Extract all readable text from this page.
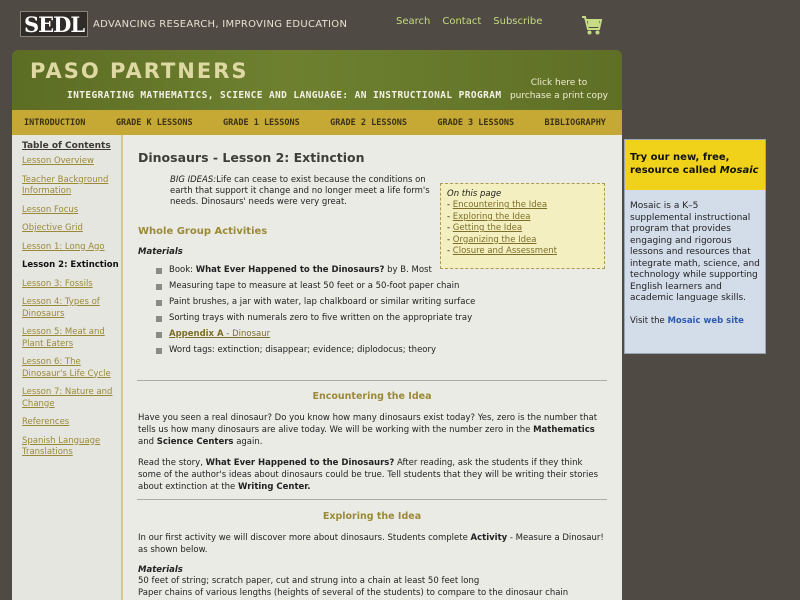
SEDL ADVANCING RESEARCH, IMPROVING EDUCATION	Search Contact Subscribe
PASO PARTNERS
INTEGRATING MATHEMATICS, SCIENCE AND LANGUAGE: AN INSTRUCTIONAL PROGRAM
Click here to
purchase a print copy
INTRODUCTION	GRADE K LESSONS	GRADE 1 LESSONS	GRADE 2 LESSONS	GRADE 3 LESSONS	BIBLIOGRAPHY
Table of Contents
Lesson Overview
Teacher Background Information
Lesson Focus
Objective Grid
Lesson 1: Long Ago
Lesson 2: Extinction
Lesson 3: Fossils
Lesson 4: Types of Dinosaurs
Lesson 5: Meat and Plant Eaters
Lesson 6: The Dinosaur's Life Cycle
Lesson 7: Nature and Change
References
Spanish Language Translations
Dinosaurs - Lesson 2: Extinction
BIG IDEAS:Life can cease to exist because the conditions on earth that support it change and no longer meet a life form's needs. Dinosaurs' needs were very great.
On this page
- Encountering the Idea
- Exploring the Idea
- Getting the Idea
- Organizing the Idea
- Closure and Assessment
Whole Group Activities
Materials
Book: What Ever Happened to the Dinosaurs? by B. Most
Measuring tape to measure at least 50 feet or a 50-foot paper chain
Paint brushes, a jar with water, lap chalkboard or similar writing surface
Sorting trays with numerals zero to five written on the appropriate tray
Appendix A - Dinosaur
Word tags: extinction; disappear; evidence; diplodocus; theory
Encountering the Idea
Have you seen a real dinosaur? Do you know how many dinosaurs exist today? Yes, zero is the number that tells us how many dinosaurs are alive today. We will be working with the number zero in the Mathematics and Science Centers again.
Read the story, What Ever Happened to the Dinosaurs? After reading, ask the students if they think some of the author's ideas about dinosaurs could be true. Tell students that they will be writing their stories about extinction at the Writing Center.
Exploring the Idea
In our first activity we will discover more about dinosaurs. Students complete Activity - Measure a Dinosaur! as shown below.
Materials
50 feet of string; scratch paper, cut and strung into a chain at least 50 feet long
Paper chains of various lengths (heights of several of the students) to compare to the dinosaur chain
Try our new, free, resource called Mosaic
Mosaic is a K–5 supplemental instructional program that provides engaging and rigorous lessons and resources that integrate math, science, and technology while supporting English learners and academic language skills.
Visit the Mosaic web site
